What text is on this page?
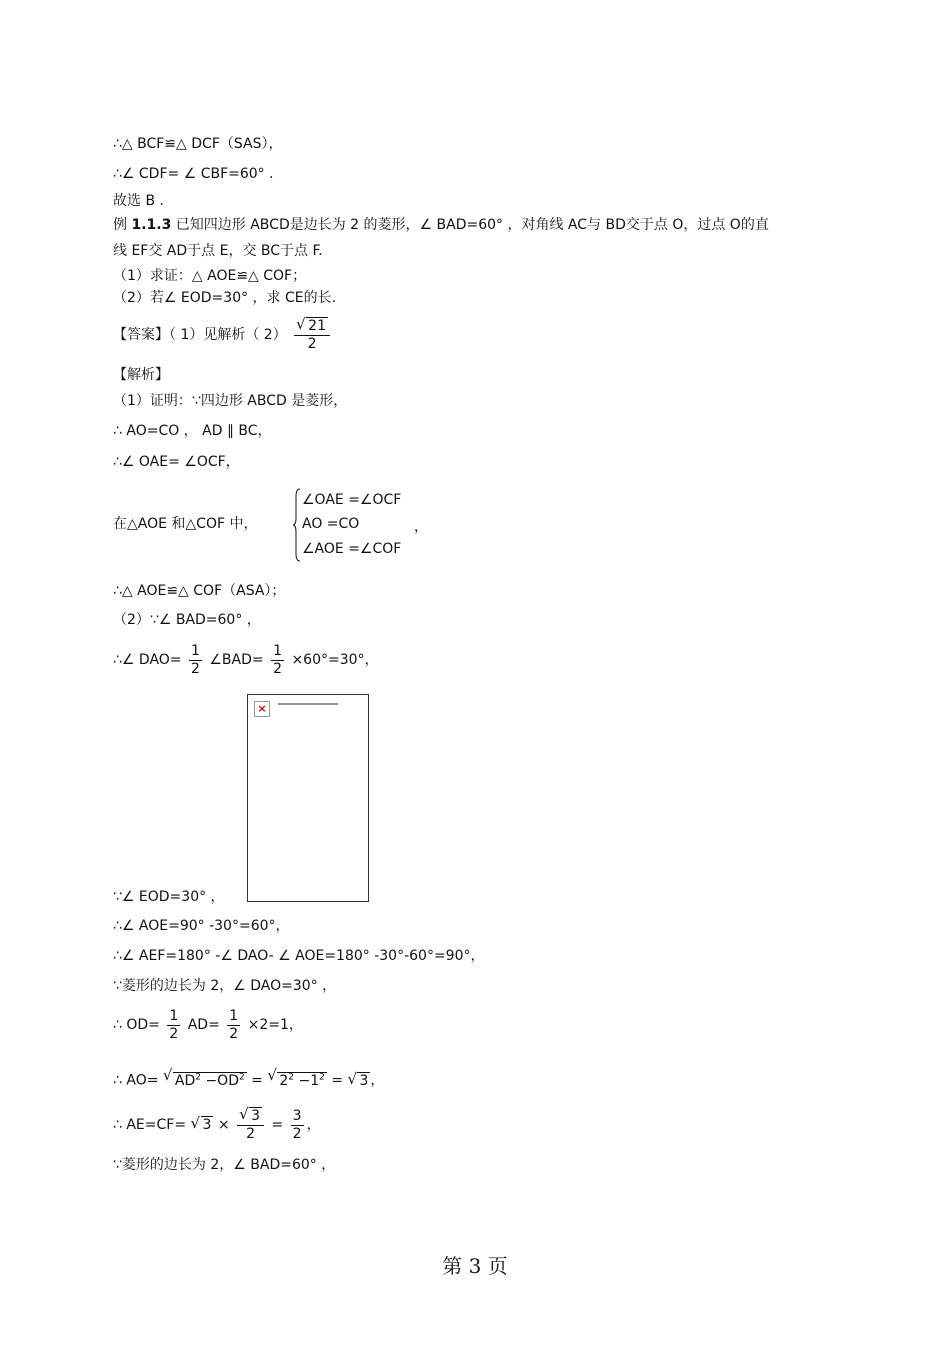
∴△ BCF≌△ DCF（SAS），
∴∠ CDF= ∠ CBF=60° .
故选 B .
例 1.1.3 已知四边形 ABCD是边长为 2 的菱形，∠ BAD=60° ，对角线 AC与 BD交于点 O，过点 O的直
线 EF交 AD于点 E，交 BC于点 F.
（1）求证：△ AOE≌△ COF；
（2）若∠ EOD=30° ，求 CE的长.
【答案】（ 1）见解析（ $2) \frac{√ 21}{2}$
【解析】
（1）证明：∵四边形 ABCD 是菱形，
∴ AO=CO ， AD ∥ BC，
∴∠ OAE= ∠OCF，
在△AOE 和△COF 中，
∠OAE =∠OCF
AO =CO
∠AOE =∠COF
，
∴△ AOE≌△ COF（ASA）；
（2）∵∠ BAD=60° ，
∴∠ $DAO= \frac{1}{2}$ ∠BAD= $\frac{1}{2} \times 60^\circ=30^\circ$，
×
∵∠ EOD=30° ，
∴∠ AOE=90° -30°=60°，
∴∠ AEF=180° -∠ DAO- ∠ AOE=180° -30°-60°=90°，
∵菱形的边长为 2，∠ DAO=30° ，
∴ $OD= \frac{1}{2} AD= \frac{1}{2} \times 2=1$，
∴ AO= √ $AD^2 -OD^2$ = √ $2^2 -1^2$ = √ 3 ，
∴ AE=CF= √ $3 \times \frac{√ 3}{2} = \frac{3}{2}$ ，
∵菱形的边长为 2，∠ BAD=60° ，
第 3 页
